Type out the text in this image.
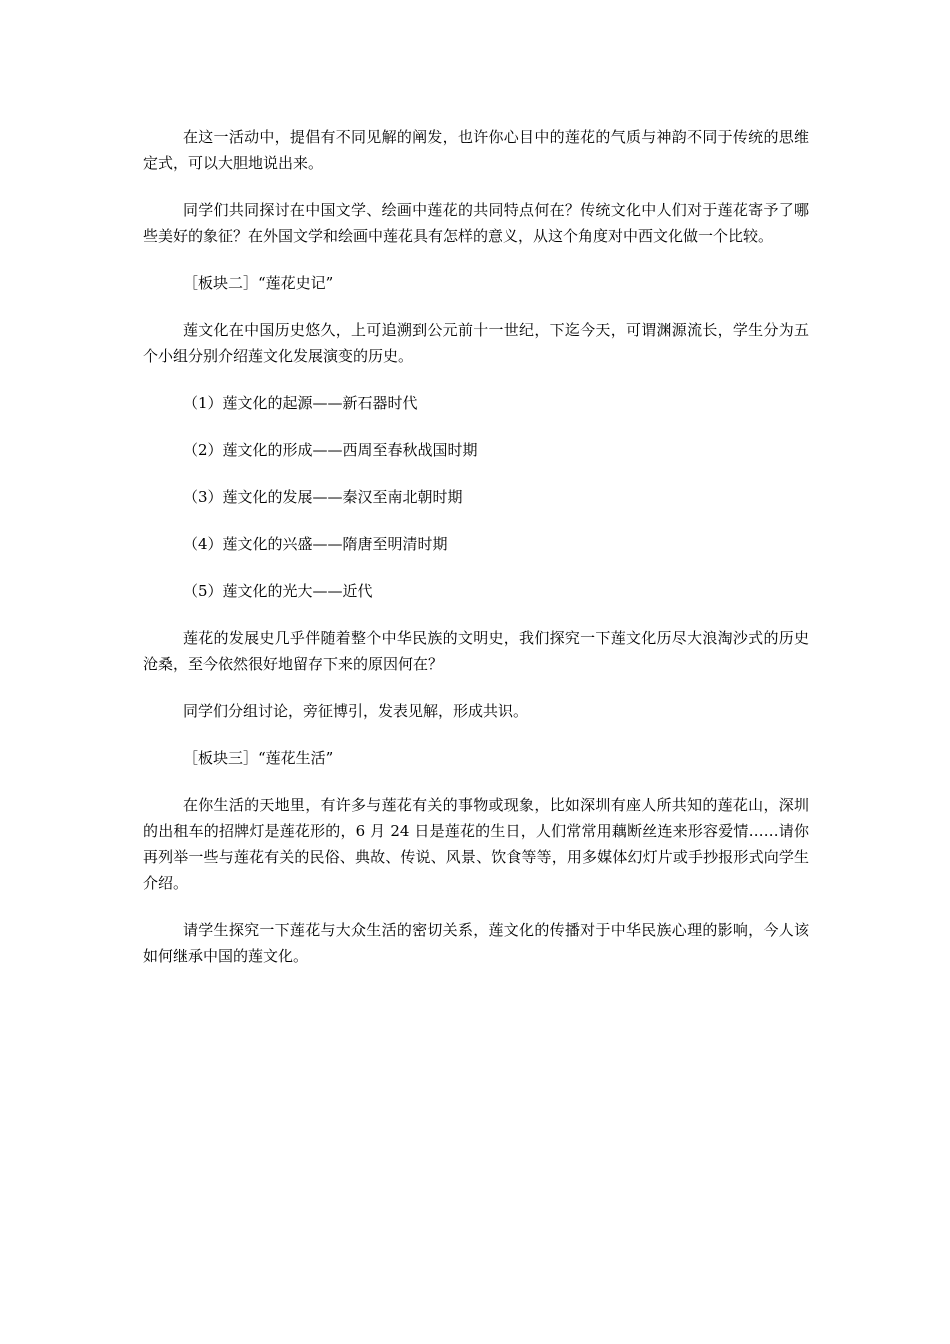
在这一活动中，提倡有不同见解的阐发，也许你心目中的莲花的气质与神韵不同于传统的思维定式，可以大胆地说出来。

同学们共同探讨在中国文学、绘画中莲花的共同特点何在？传统文化中人们对于莲花寄予了哪些美好的象征？在外国文学和绘画中莲花具有怎样的意义，从这个角度对中西文化做一个比较。

［板块二］“莲花史记”

莲文化在中国历史悠久，上可追溯到公元前十一世纪，下迄今天，可谓渊源流长，学生分为五个小组分别介绍莲文化发展演变的历史。

（1）莲文化的起源——新石器时代

（2）莲文化的形成——西周至春秋战国时期

（3）莲文化的发展——秦汉至南北朝时期

（4）莲文化的兴盛——隋唐至明清时期

（5）莲文化的光大——近代

莲花的发展史几乎伴随着整个中华民族的文明史，我们探究一下莲文化历尽大浪淘沙式的历史沧桑，至今依然很好地留存下来的原因何在？

同学们分组讨论，旁征博引，发表见解，形成共识。

［板块三］“莲花生活”

在你生活的天地里，有许多与莲花有关的事物或现象，比如深圳有座人所共知的莲花山，深圳的出租车的招牌灯是莲花形的，6 月 24 日是莲花的生日，人们常常用藕断丝连来形容爱情……请你再列举一些与莲花有关的民俗、典故、传说、风景、饮食等等，用多媒体幻灯片或手抄报形式向学生介绍。

请学生探究一下莲花与大众生活的密切关系，莲文化的传播对于中华民族心理的影响，今人该如何继承中国的莲文化。
